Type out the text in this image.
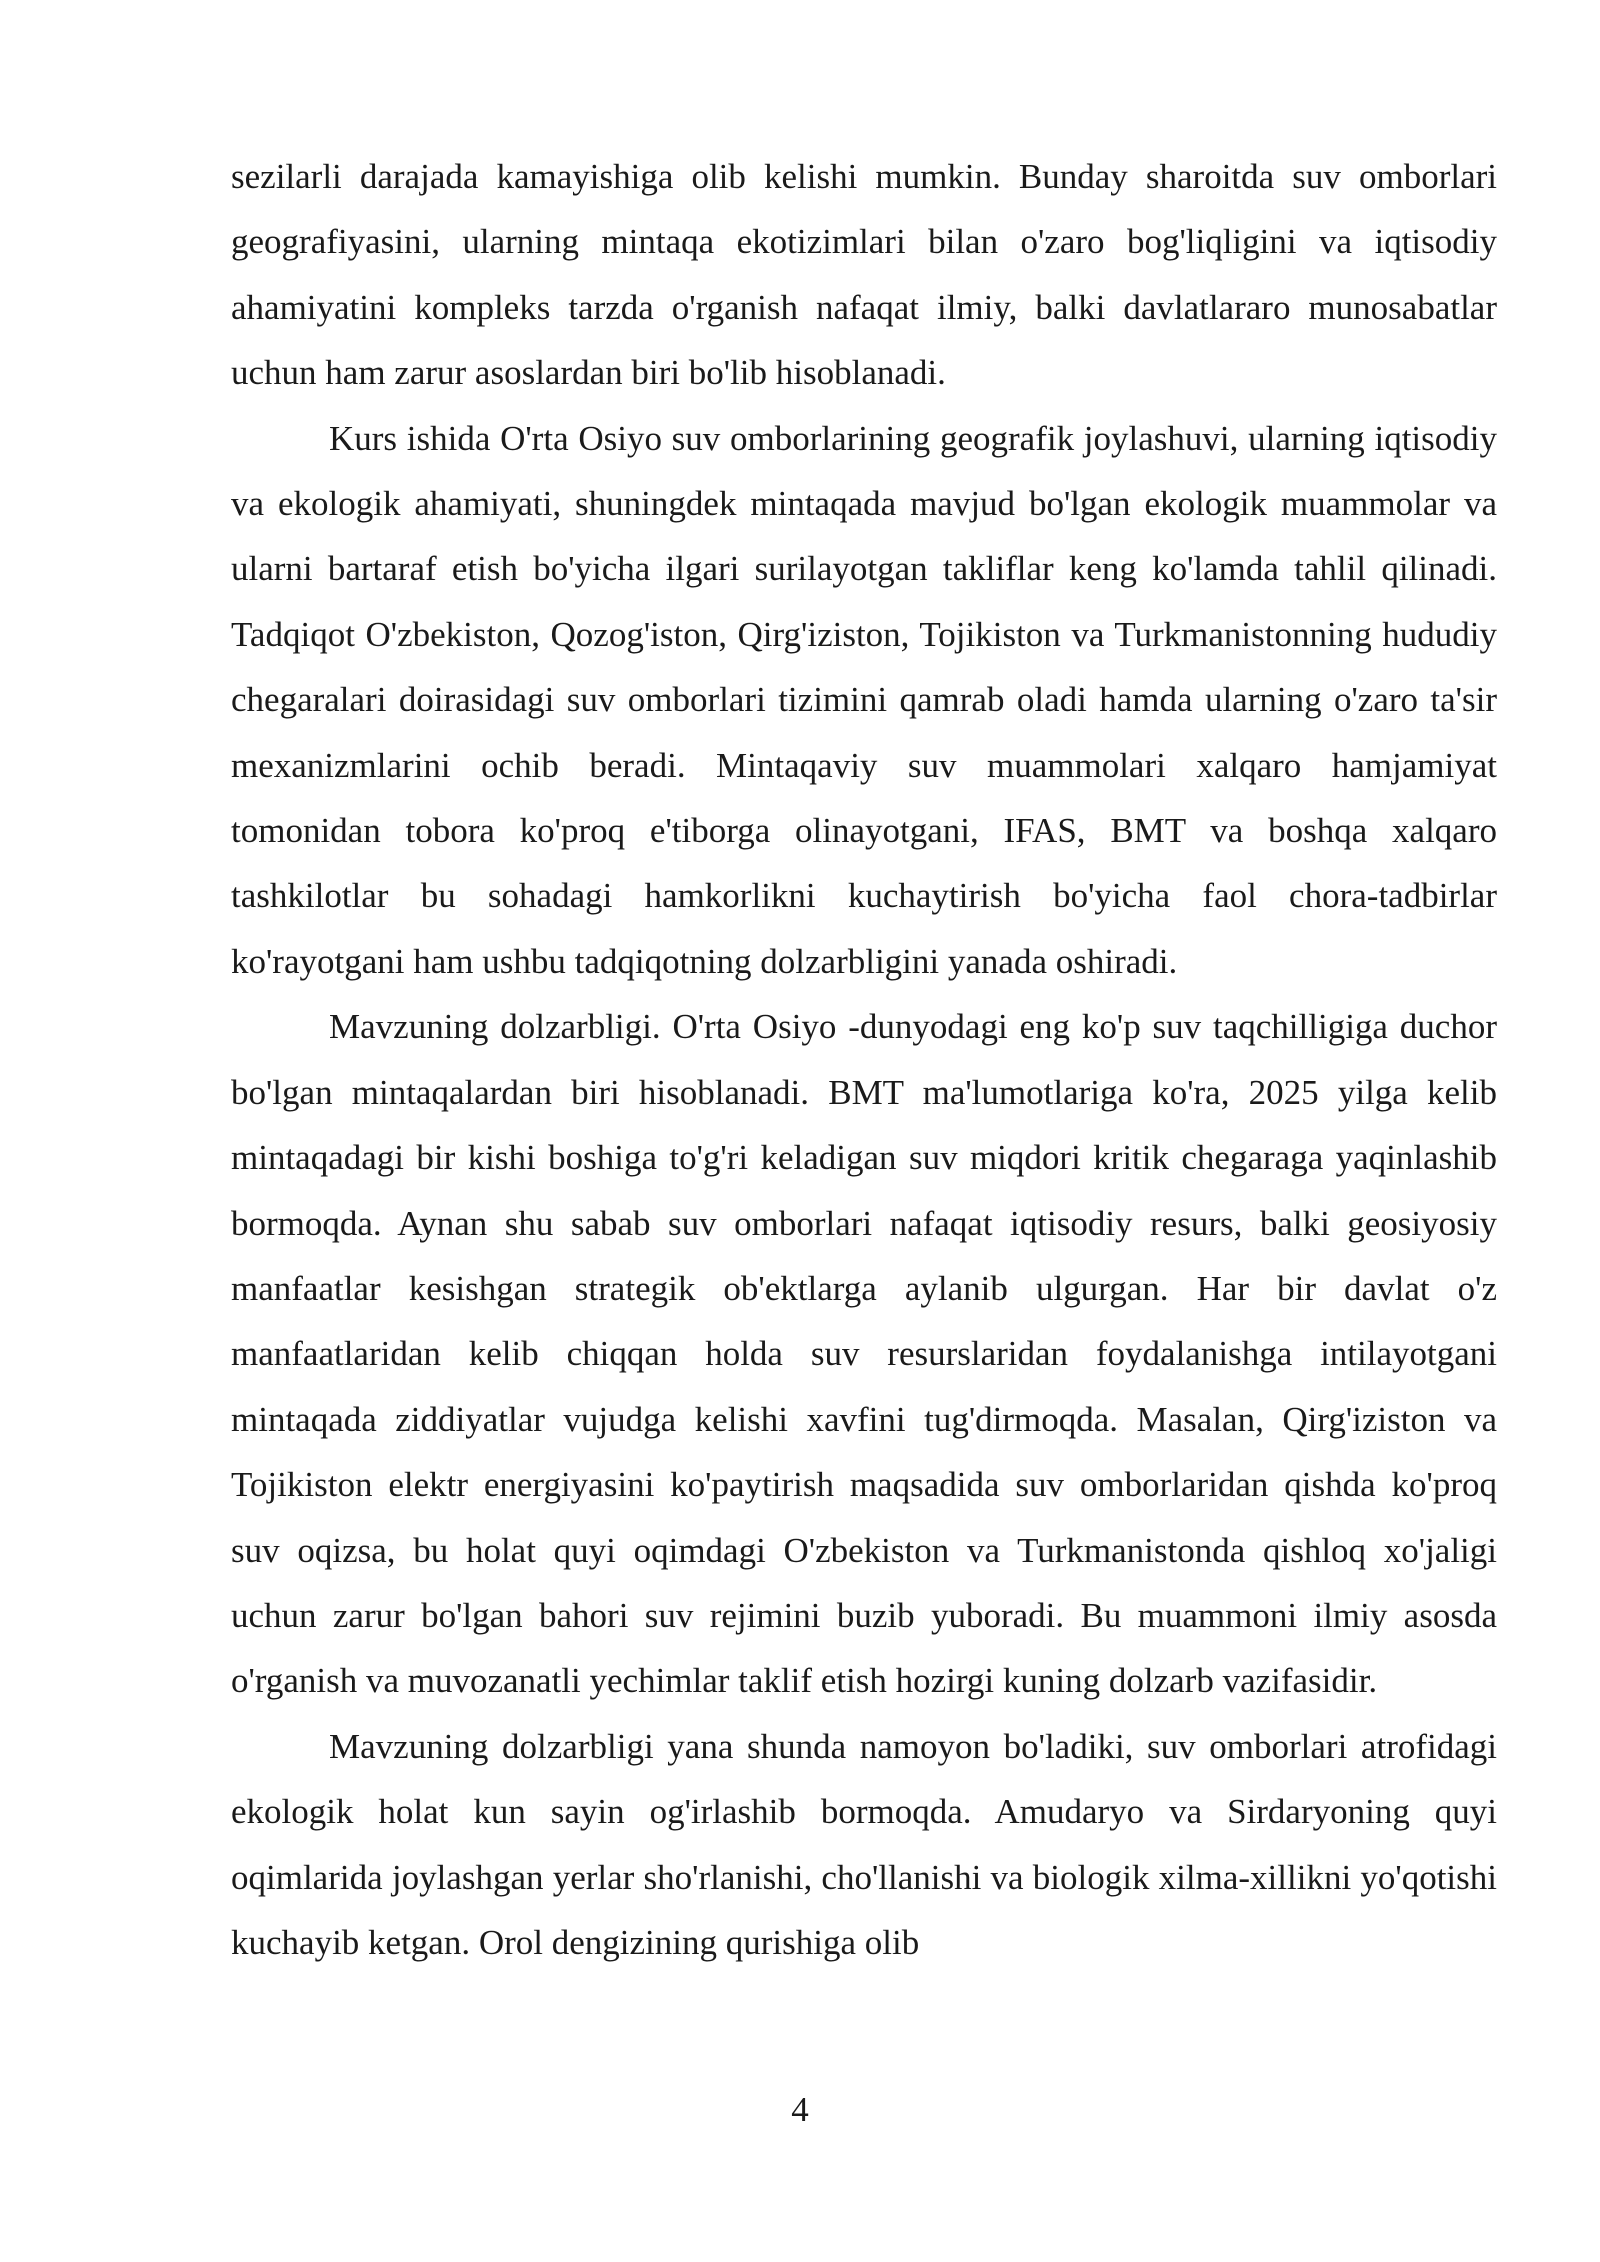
sezilarli darajada kamayishiga olib kelishi mumkin. Bunday sharoitda suv omborlari geografiyasini, ularning mintaqa ekotizimlari bilan o'zaro bog'liqligini va iqtisodiy ahamiyatini kompleks tarzda o'rganish nafaqat ilmiy, balki davlatlararo munosabatlar uchun ham zarur asoslardan biri bo'lib hisoblanadi.

Kurs ishida O'rta Osiyo suv omborlarining geografik joylashuvi, ularning iqtisodiy va ekologik ahamiyati, shuningdek mintaqada mavjud bo'lgan ekologik muammolar va ularni bartaraf etish bo'yicha ilgari surilayotgan takliflar keng ko'lamda tahlil qilinadi. Tadqiqot O'zbekiston, Qozog'iston, Qirg'iziston, Tojikiston va Turkmanistonning hududiy chegaralari doirasidagi suv omborlari tizimini qamrab oladi hamda ularning o'zaro ta'sir mexanizmlarini ochib beradi. Mintaqaviy suv muammolari xalqaro hamjamiyat tomonidan tobora ko'proq e'tiborga olinayotgani, IFAS, BMT va boshqa xalqaro tashkilotlar bu sohadagi hamkorlikni kuchaytirish bo'yicha faol chora-tadbirlar ko'rayotgani ham ushbu tadqiqotning dolzarbligini yanada oshiradi.

Mavzuning dolzarbligi. O'rta Osiyo -dunyodagi eng ko'p suv taqchilligiga duchor bo'lgan mintaqalardan biri hisoblanadi. BMT ma'lumotlariga ko'ra, 2025 yilga kelib mintaqadagi bir kishi boshiga to'g'ri keladigan suv miqdori kritik chegaraga yaqinlashib bormoqda. Aynan shu sabab suv omborlari nafaqat iqtisodiy resurs, balki geosiyosiy manfaatlar kesishgan strategik ob'ektlarga aylanib ulgurgan. Har bir davlat o'z manfaatlaridan kelib chiqqan holda suv resurslaridan foydalanishga intilayotgani mintaqada ziddiyatlar vujudga kelishi xavfini tug'dirmoqda. Masalan, Qirg'iziston va Tojikiston elektr energiyasini ko'paytirish maqsadida suv omborlaridan qishda ko'proq suv oqizsa, bu holat quyi oqimdagi O'zbekiston va Turkmanistonda qishloq xo'jaligi uchun zarur bo'lgan bahori suv rejimini buzib yuboradi. Bu muammoni ilmiy asosda o'rganish va muvozanatli yechimlar taklif etish hozirgi kuning dolzarb vazifasidir.

Mavzuning dolzarbligi yana shunda namoyon bo'ladiki, suv omborlari atrofidagi ekologik holat kun sayin og'irlashib bormoqda. Amudaryo va Sirdaryoning quyi oqimlarida joylashgan yerlar sho'rlanishi, cho'llanishi va biologik xilma-xillikni yo'qotishi kuchayib ketgan. Orol dengizining qurishiga olib

4
